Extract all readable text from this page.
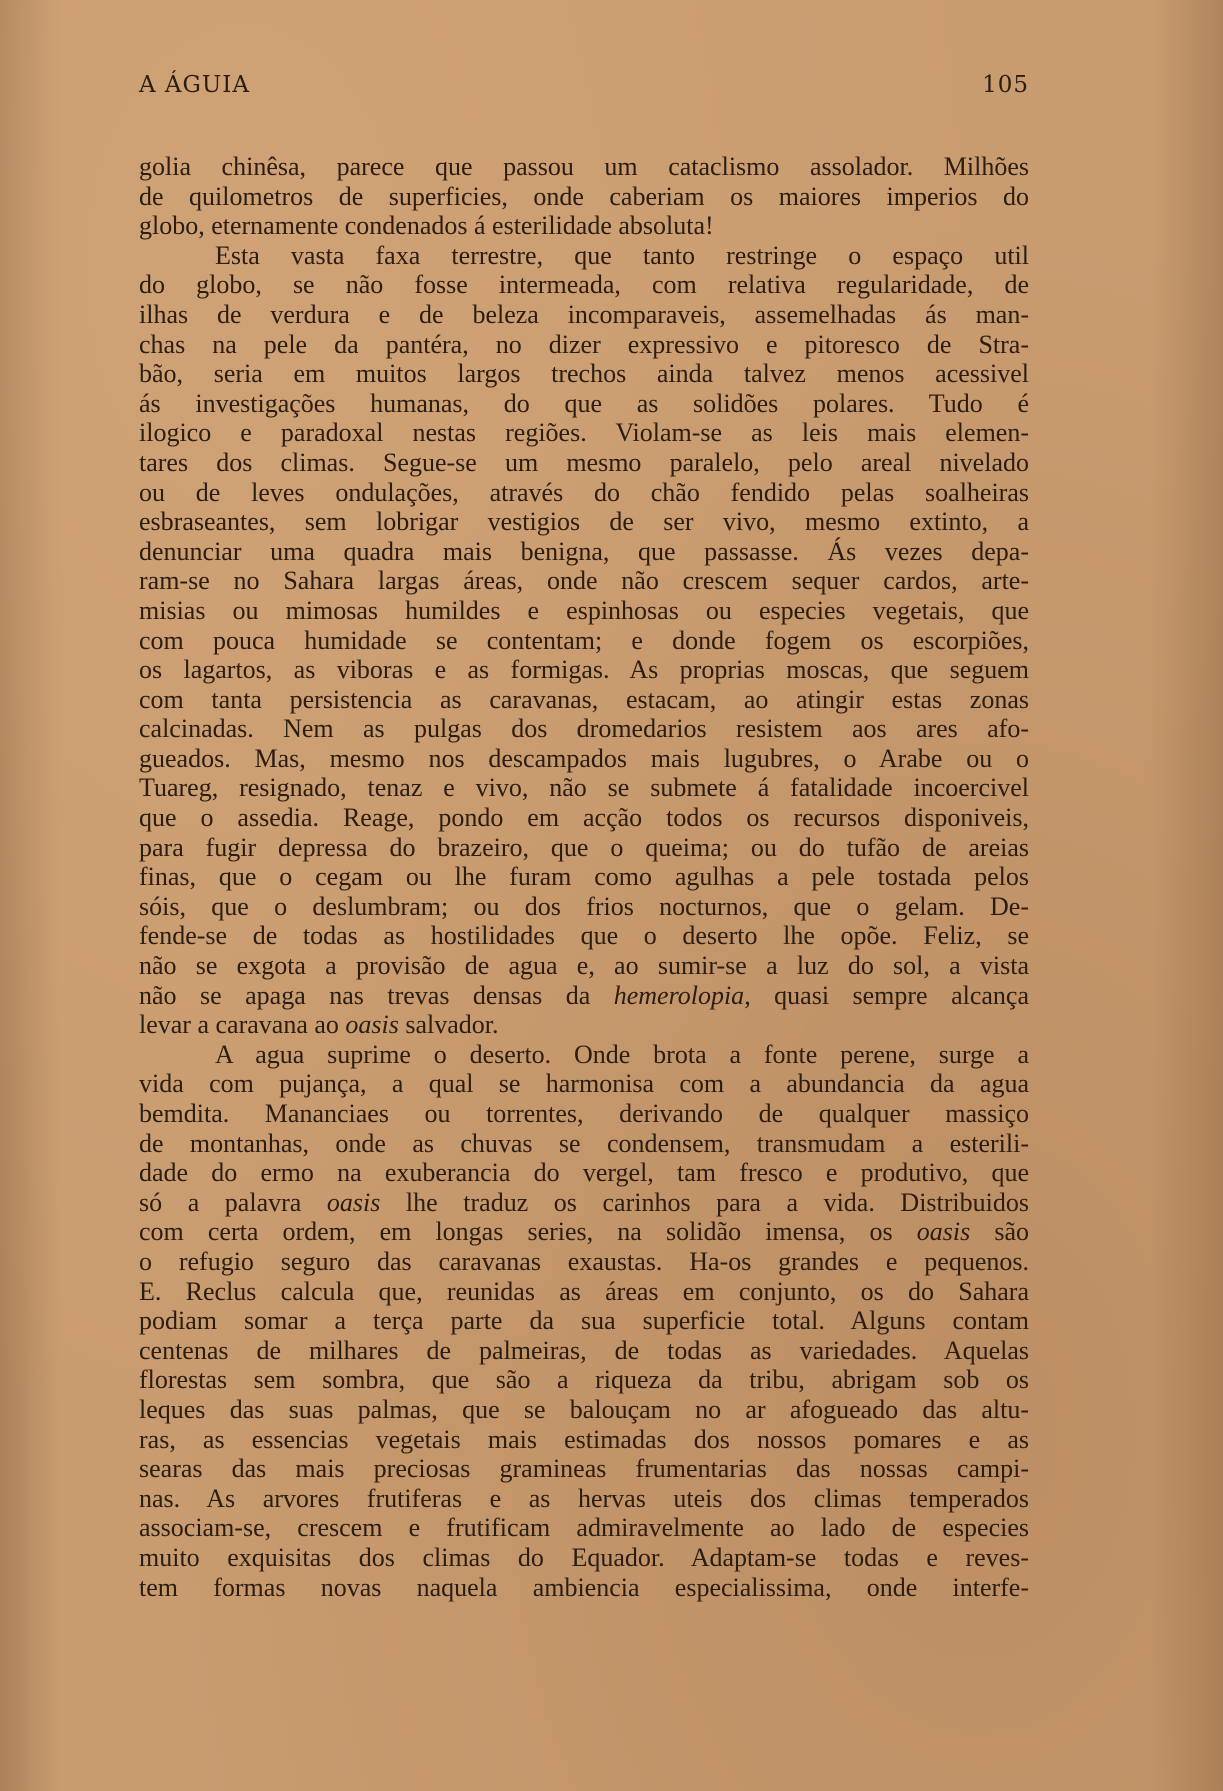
A ÁGUIA	105
golia chinêsa, parece que passou um cataclismo assolador. Milhões
de quilometros de superficies, onde caberiam os maiores imperios do
globo, eternamente condenados á esterilidade absoluta!
Esta vasta faxa terrestre, que tanto restringe o espaço util
do globo, se não fosse intermeada, com relativa regularidade, de
ilhas de verdura e de beleza incomparaveis, assemelhadas ás man-
chas na pele da pantéra, no dizer expressivo e pitoresco de Stra-
bão, seria em muitos largos trechos ainda talvez menos acessivel
ás investigações humanas, do que as solidões polares. Tudo é
ilogico e paradoxal nestas regiões. Violam-se as leis mais elemen-
tares dos climas. Segue-se um mesmo paralelo, pelo areal nivelado
ou de leves ondulações, através do chão fendido pelas soalheiras
esbraseantes, sem lobrigar vestigios de ser vivo, mesmo extinto, a
denunciar uma quadra mais benigna, que passasse. Ás vezes depa-
ram-se no Sahara largas áreas, onde não crescem sequer cardos, arte-
misias ou mimosas humildes e espinhosas ou especies vegetais, que
com pouca humidade se contentam; e donde fogem os escorpiões,
os lagartos, as viboras e as formigas. As proprias moscas, que seguem
com tanta persistencia as caravanas, estacam, ao atingir estas zonas
calcinadas. Nem as pulgas dos dromedarios resistem aos ares afo-
gueados. Mas, mesmo nos descampados mais lugubres, o Arabe ou o
Tuareg, resignado, tenaz e vivo, não se submete á fatalidade incoercivel
que o assedia. Reage, pondo em acção todos os recursos disponiveis,
para fugir depressa do brazeiro, que o queima; ou do tufão de areias
finas, que o cegam ou lhe furam como agulhas a pele tostada pelos
sóis, que o deslumbram; ou dos frios nocturnos, que o gelam. De-
fende-se de todas as hostilidades que o deserto lhe opõe. Feliz, se
não se exgota a provisão de agua e, ao sumir-se a luz do sol, a vista
não se apaga nas trevas densas da hemerolopia, quasi sempre alcança
levar a caravana ao oasis salvador.
A agua suprime o deserto. Onde brota a fonte perene, surge a
vida com pujança, a qual se harmonisa com a abundancia da agua
bemdita. Mananciaes ou torrentes, derivando de qualquer massiço
de montanhas, onde as chuvas se condensem, transmudam a esterili-
dade do ermo na exuberancia do vergel, tam fresco e produtivo, que
só a palavra oasis lhe traduz os carinhos para a vida. Distribuidos
com certa ordem, em longas series, na solidão imensa, os oasis são
o refugio seguro das caravanas exaustas. Ha-os grandes e pequenos.
E. Reclus calcula que, reunidas as áreas em conjunto, os do Sahara
podiam somar a terça parte da sua superficie total. Alguns contam
centenas de milhares de palmeiras, de todas as variedades. Aquelas
florestas sem sombra, que são a riqueza da tribu, abrigam sob os
leques das suas palmas, que se balouçam no ar afogueado das altu-
ras, as essencias vegetais mais estimadas dos nossos pomares e as
searas das mais preciosas gramineas frumentarias das nossas campi-
nas. As arvores frutiferas e as hervas uteis dos climas temperados
associam-se, crescem e frutificam admiravelmente ao lado de especies
muito exquisitas dos climas do Equador. Adaptam-se todas e reves-
tem formas novas naquela ambiencia especialissima, onde interfe-
